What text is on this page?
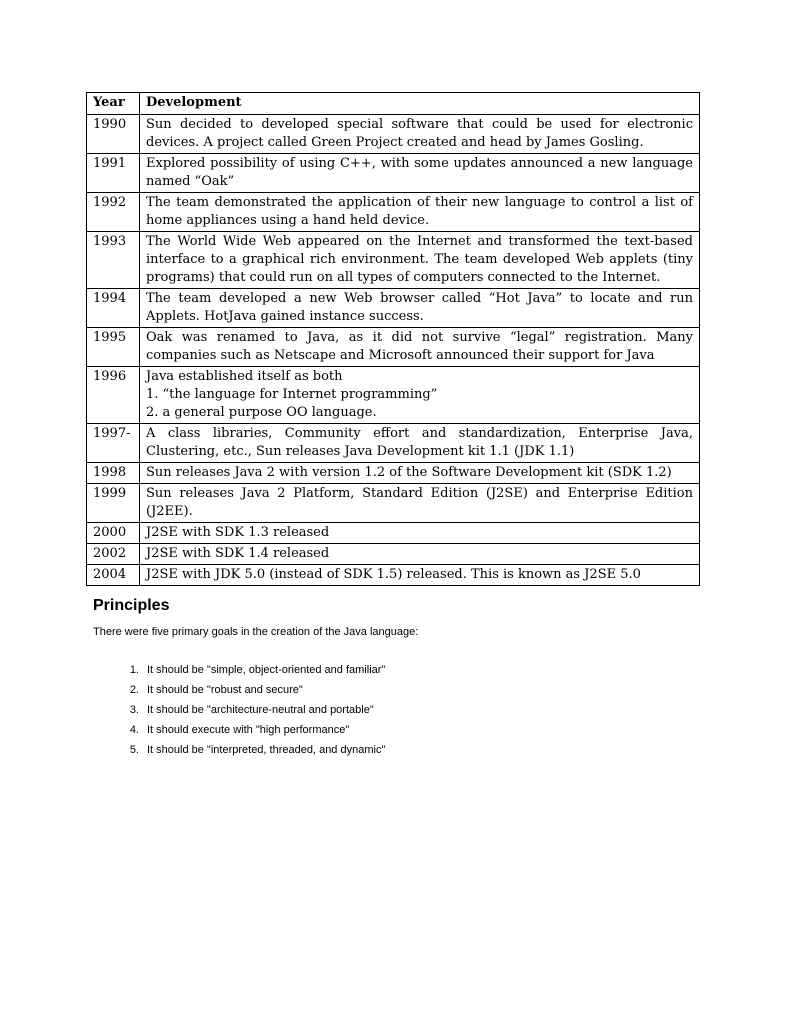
Year	Development
1990	Sun decided to developed special software that could be used for electronic devices. A project called Green Project created and head by James Gosling.

1991	Explored possibility of using C++, with some updates announced a new language named “Oak”

1992	The team demonstrated the application of their new language to control a list of home appliances using a hand held device.

1993	The World Wide Web appeared on the Internet and transformed the text-based interface to a graphical rich environment. The team developed Web applets (tiny programs) that could run on all types of computers connected to the Internet.

1994	The team developed a new Web browser called “Hot Java” to locate and run Applets. HotJava gained instance success.

1995	Oak was renamed to Java, as it did not survive “legal” registration. Many companies such as Netscape and Microsoft announced their support for Java

1996	Java established itself as both
1. “the language for Internet programming”
2. a general purpose OO language.

1997-	A class libraries, Community effort and standardization, Enterprise Java, Clustering, etc., Sun releases Java Development kit 1.1 (JDK 1.1)

1998	Sun releases Java 2 with version 1.2 of the Software Development kit (SDK 1.2)

1999	Sun releases Java 2 Platform, Standard Edition (J2SE) and Enterprise Edition (J2EE).

2000	J2SE with SDK 1.3 released

2002	J2SE with SDK 1.4 released

2004	J2SE with JDK 5.0 (instead of SDK 1.5) released. This is known as J2SE 5.0
Principles

There were five primary goals in the creation of the Java language:

1. It should be "simple, object-oriented and familiar"
2. It should be "robust and secure"
3. It should be "architecture-neutral and portable"
4. It should execute with "high performance"
5. It should be "interpreted, threaded, and dynamic"
